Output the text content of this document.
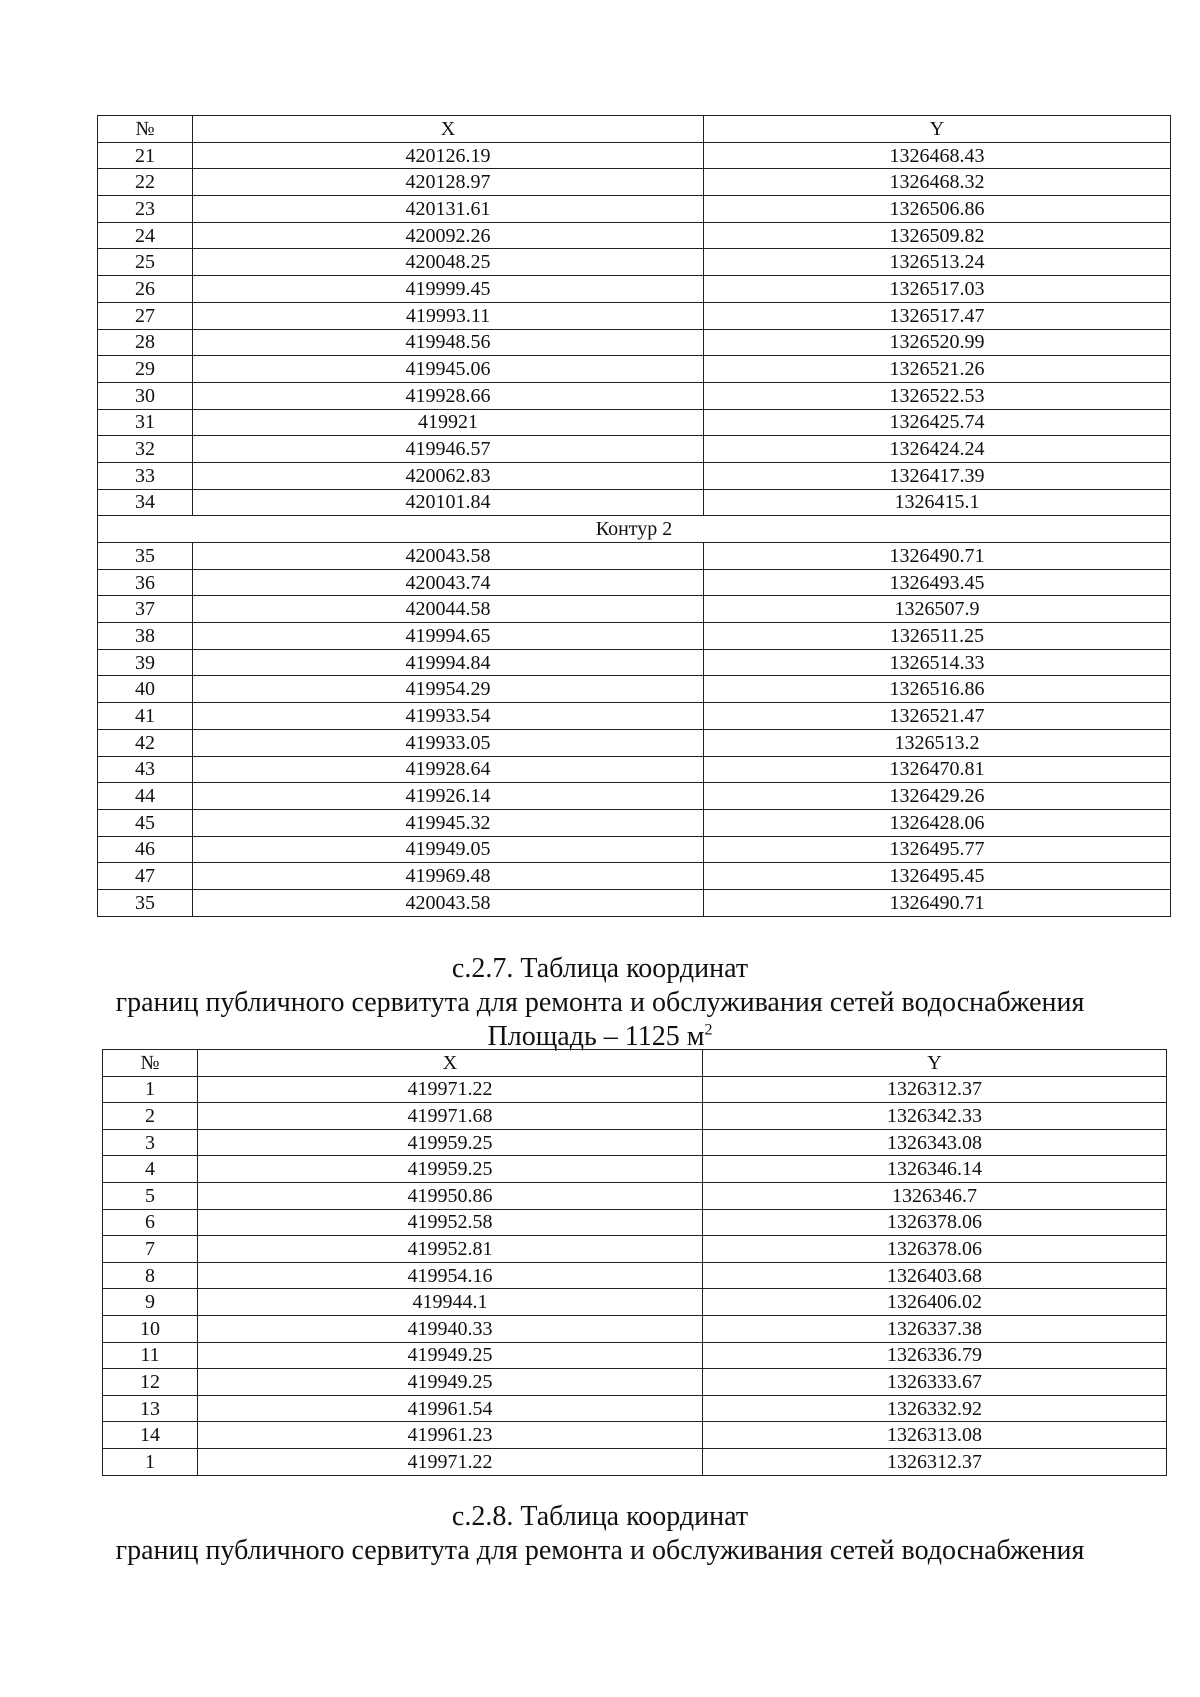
№	X	Y
21	420126.19	1326468.43
22	420128.97	1326468.32
23	420131.61	1326506.86
24	420092.26	1326509.82
25	420048.25	1326513.24
26	419999.45	1326517.03
27	419993.11	1326517.47
28	419948.56	1326520.99
29	419945.06	1326521.26
30	419928.66	1326522.53
31	419921	1326425.74
32	419946.57	1326424.24
33	420062.83	1326417.39
34	420101.84	1326415.1
Контур 2		
35	420043.58	1326490.71
36	420043.74	1326493.45
37	420044.58	1326507.9
38	419994.65	1326511.25
39	419994.84	1326514.33
40	419954.29	1326516.86
41	419933.54	1326521.47
42	419933.05	1326513.2
43	419928.64	1326470.81
44	419926.14	1326429.26
45	419945.32	1326428.06
46	419949.05	1326495.77
47	419969.48	1326495.45
35	420043.58	1326490.71
с.2.7. Таблица координат
границ публичного сервитута для ремонта и обслуживания сетей водоснабжения
Площадь – 1125 $м^2$
№	X	Y
1	419971.22	1326312.37
2	419971.68	1326342.33
3	419959.25	1326343.08
4	419959.25	1326346.14
5	419950.86	1326346.7
6	419952.58	1326378.06
7	419952.81	1326378.06
8	419954.16	1326403.68
9	419944.1	1326406.02
10	419940.33	1326337.38
11	419949.25	1326336.79
12	419949.25	1326333.67
13	419961.54	1326332.92
14	419961.23	1326313.08
1	419971.22	1326312.37
с.2.8. Таблица координат
границ публичного сервитута для ремонта и обслуживания сетей водоснабжения
